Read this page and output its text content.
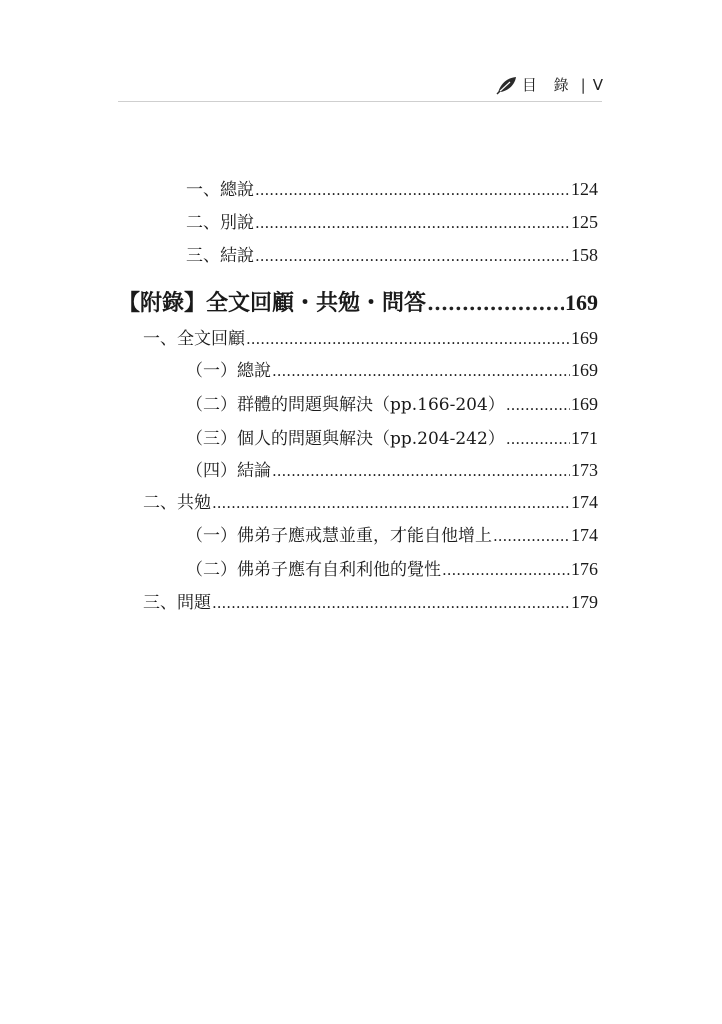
目 錄 | V
一、總說 .....	124
二、別說 .....	125
三、結說 .....	158
【附錄】全文回顧・共勉・問答 .....	169
一、全文回顧 .....	169
（一）總說 .....	169
（二）群體的問題與解決（pp.166-204） .....	169
（三）個人的問題與解決（pp.204-242） .....	171
（四）結論 .....	173
二、共勉 .....	174
（一）佛弟子應戒慧並重，才能自他增上 .....	174
（二）佛弟子應有自利利他的覺性 .....	176
三、問題 .....	179
